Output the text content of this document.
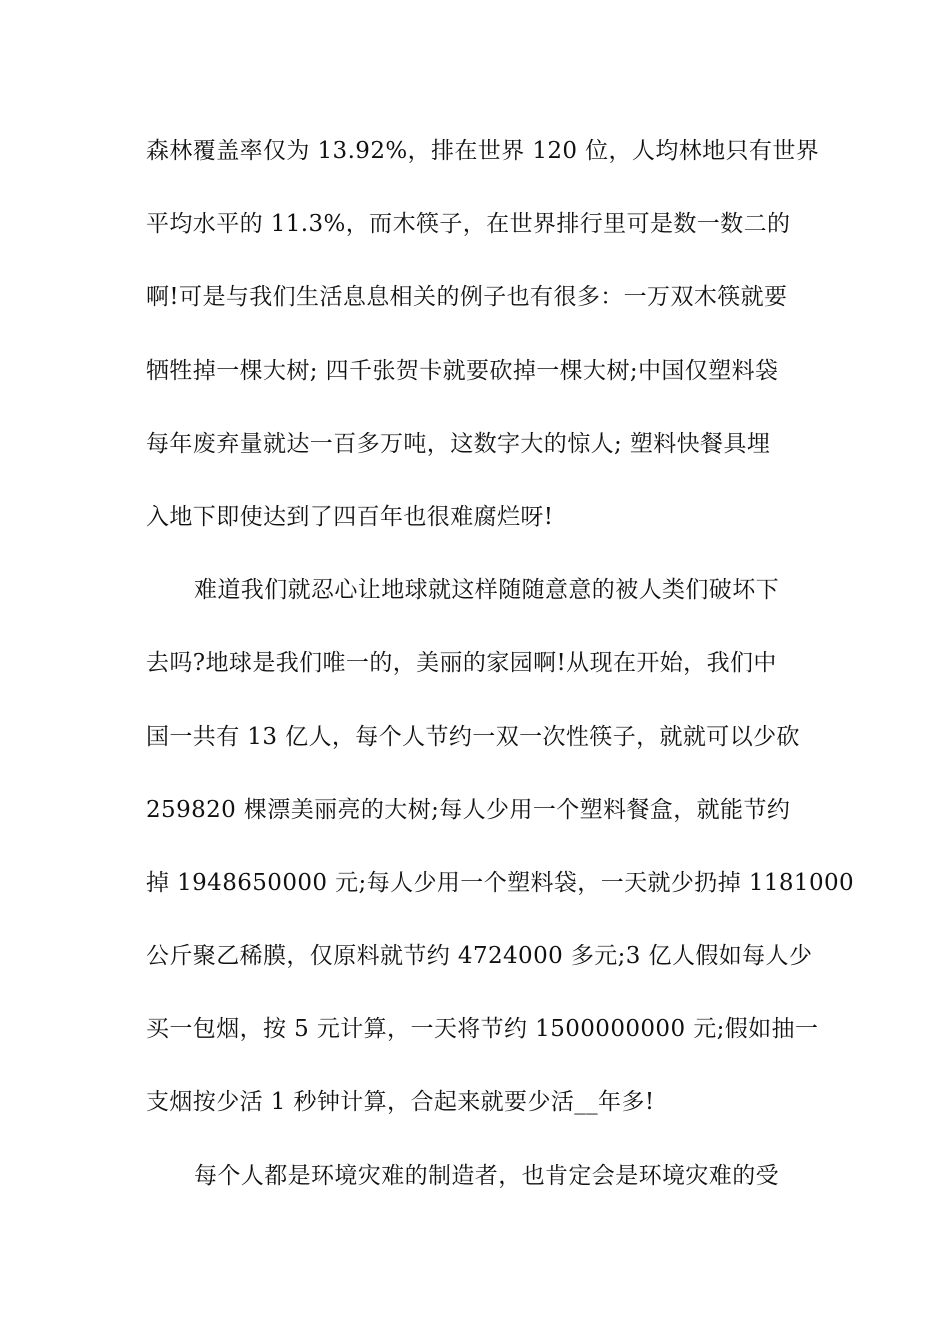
森林覆盖率仅为 13.92%，排在世界 120 位，人均林地只有世界
平均水平的 11.3%，而木筷子，在世界排行里可是数一数二的
啊!可是与我们生活息息相关的例子也有很多：一万双木筷就要
牺牲掉一棵大树; 四千张贺卡就要砍掉一棵大树;中国仅塑料袋
每年废弃量就达一百多万吨，这数字大的惊人; 塑料快餐具埋
入地下即使达到了四百年也很难腐烂呀!
难道我们就忍心让地球就这样随随意意的被人类们破坏下
去吗?地球是我们唯一的，美丽的家园啊!从现在开始，我们中
国一共有 13 亿人，每个人节约一双一次性筷子，就就可以少砍
259820 棵漂美丽亮的大树;每人少用一个塑料餐盒，就能节约
掉 1948650000 元;每人少用一个塑料袋，一天就少扔掉 1181000
公斤聚乙稀膜，仅原料就节约 4724000 多元;3 亿人假如每人少
买一包烟，按 5 元计算，一天将节约 1500000000 元;假如抽一
支烟按少活 1 秒钟计算，合起来就要少活__年多!
每个人都是环境灾难的制造者，也肯定会是环境灾难的受
